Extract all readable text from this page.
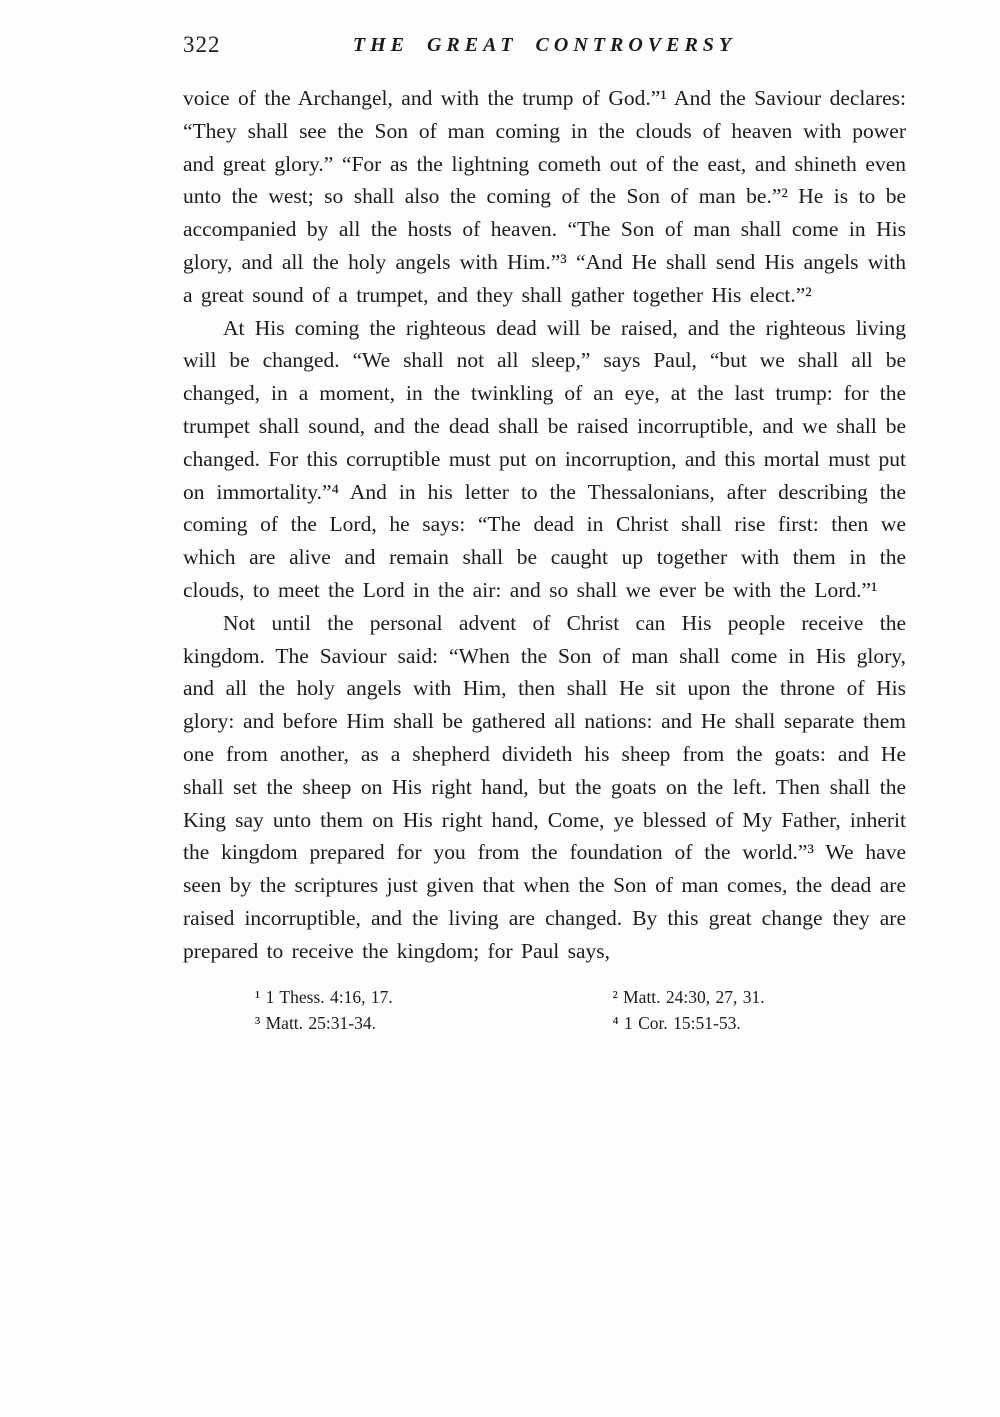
322	THE GREAT CONTROVERSY

voice of the Archangel, and with the trump of God.”¹ And the Saviour declares: “They shall see the Son of man coming in the clouds of heaven with power and great glory.” “For as the lightning cometh out of the east, and shineth even unto the west; so shall also the coming of the Son of man be.”² He is to be accompanied by all the hosts of heaven. “The Son of man shall come in His glory, and all the holy angels with Him.”³ “And He shall send His angels with a great sound of a trumpet, and they shall gather together His elect.”²

At His coming the righteous dead will be raised, and the righteous living will be changed. “We shall not all sleep,” says Paul, “but we shall all be changed, in a moment, in the twinkling of an eye, at the last trump: for the trumpet shall sound, and the dead shall be raised incorruptible, and we shall be changed. For this corruptible must put on incorruption, and this mortal must put on immortality.”⁴ And in his letter to the Thessalonians, after describing the coming of the Lord, he says: “The dead in Christ shall rise first: then we which are alive and remain shall be caught up together with them in the clouds, to meet the Lord in the air: and so shall we ever be with the Lord.”¹

Not until the personal advent of Christ can His people receive the kingdom. The Saviour said: “When the Son of man shall come in His glory, and all the holy angels with Him, then shall He sit upon the throne of His glory: and before Him shall be gathered all nations: and He shall separate them one from another, as a shepherd divideth his sheep from the goats: and He shall set the sheep on His right hand, but the goats on the left. Then shall the King say unto them on His right hand, Come, ye blessed of My Father, inherit the kingdom prepared for you from the foundation of the world.”³ We have seen by the scriptures just given that when the Son of man comes, the dead are raised incorruptible, and the living are changed. By this great change they are prepared to receive the kingdom; for Paul says,

¹ 1 Thess. 4:16, 17.
³ Matt. 25:31-34.
² Matt. 24:30, 27, 31.
⁴ 1 Cor. 15:51-53.
